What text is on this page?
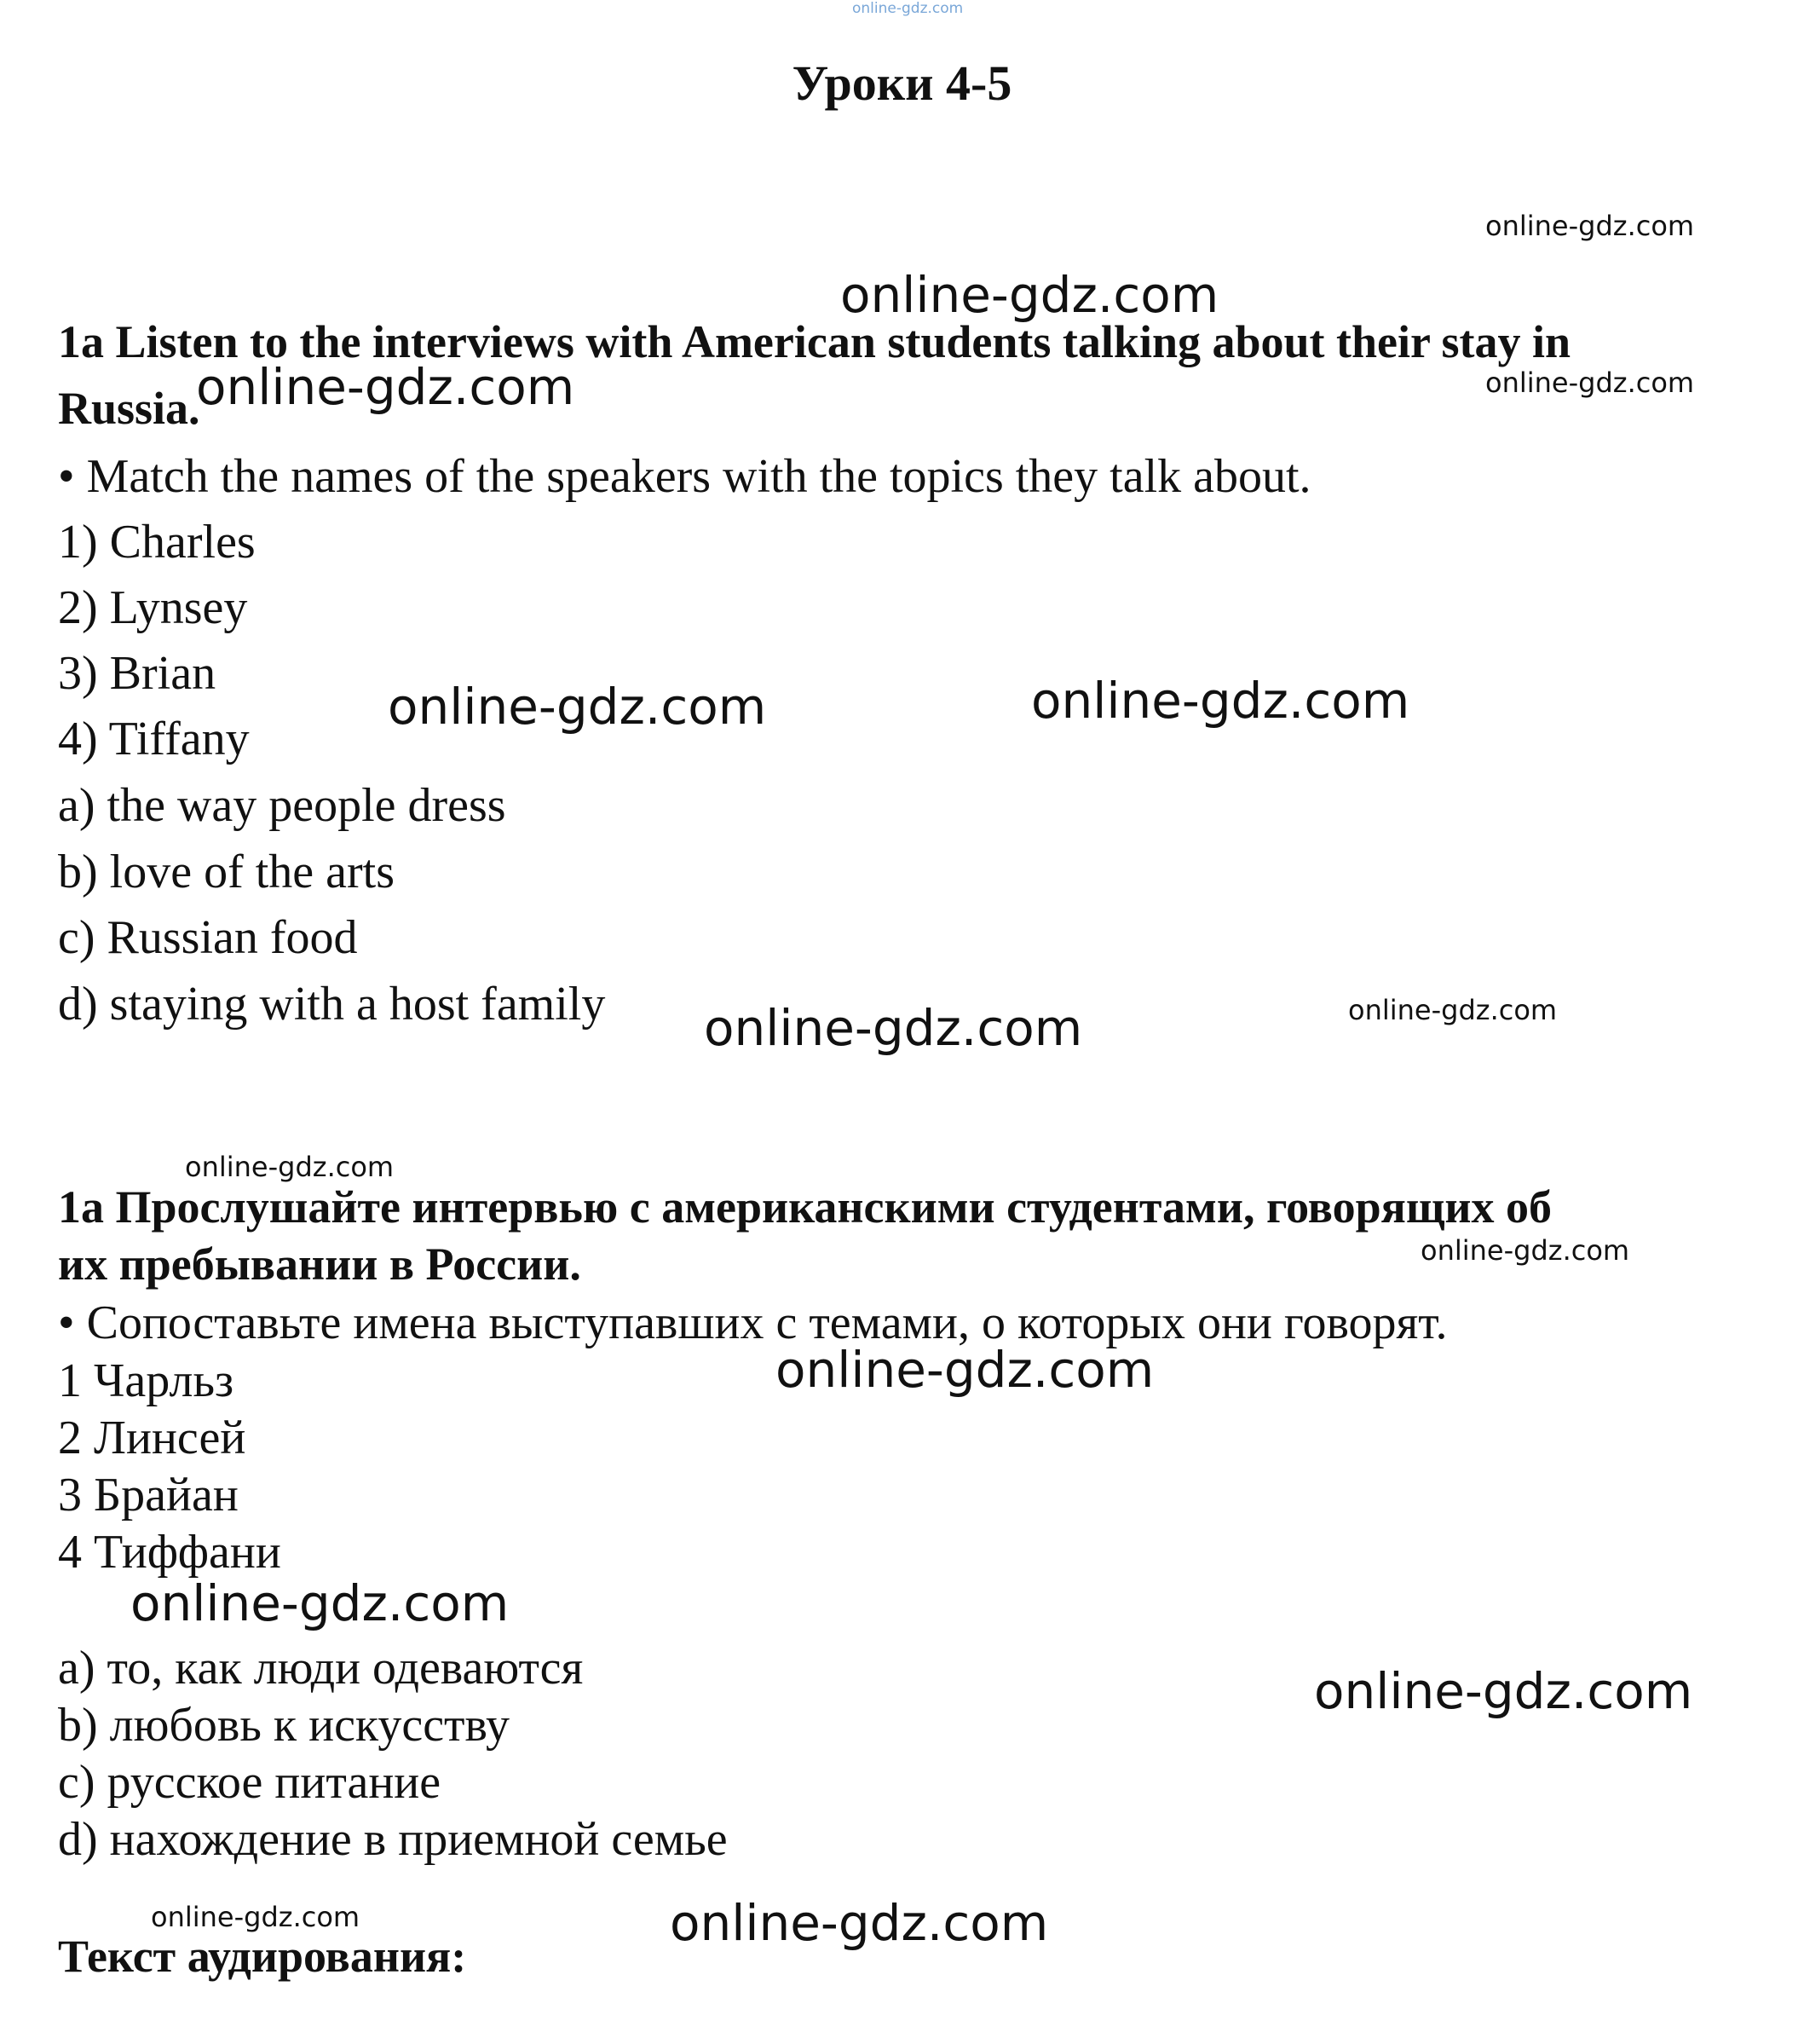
online-gdz.com
Уроки 4-5
1a Listen to the interviews with American students talking about their stay in
Russia.
• Match the names of the speakers with the topics they talk about.
1) Charles
2) Lynsey
3) Brian
4) Tiffany
a) the way people dress
b) love of the arts
c) Russian food
d) staying with a host family
1a Прослушайте интервью с американскими студентами, говорящих об
их пребывании в России.
• Сопоставьте имена выступавших с темами, о которых они говорят.
1 Чарльз
2 Линсей
3 Брайан
4 Тиффани
a) то, как люди одеваются
b) любовь к искусству
c) русское питание
d) нахождение в приемной семье
Текст аудирования:
online-gdz.com
online-gdz.com
online-gdz.com	online-gdz.com
online-gdz.com	online-gdz.com
online-gdz.com	online-gdz.com
online-gdz.com
online-gdz.com
online-gdz.com
online-gdz.com
online-gdz.com
online-gdz.com	online-gdz.com
